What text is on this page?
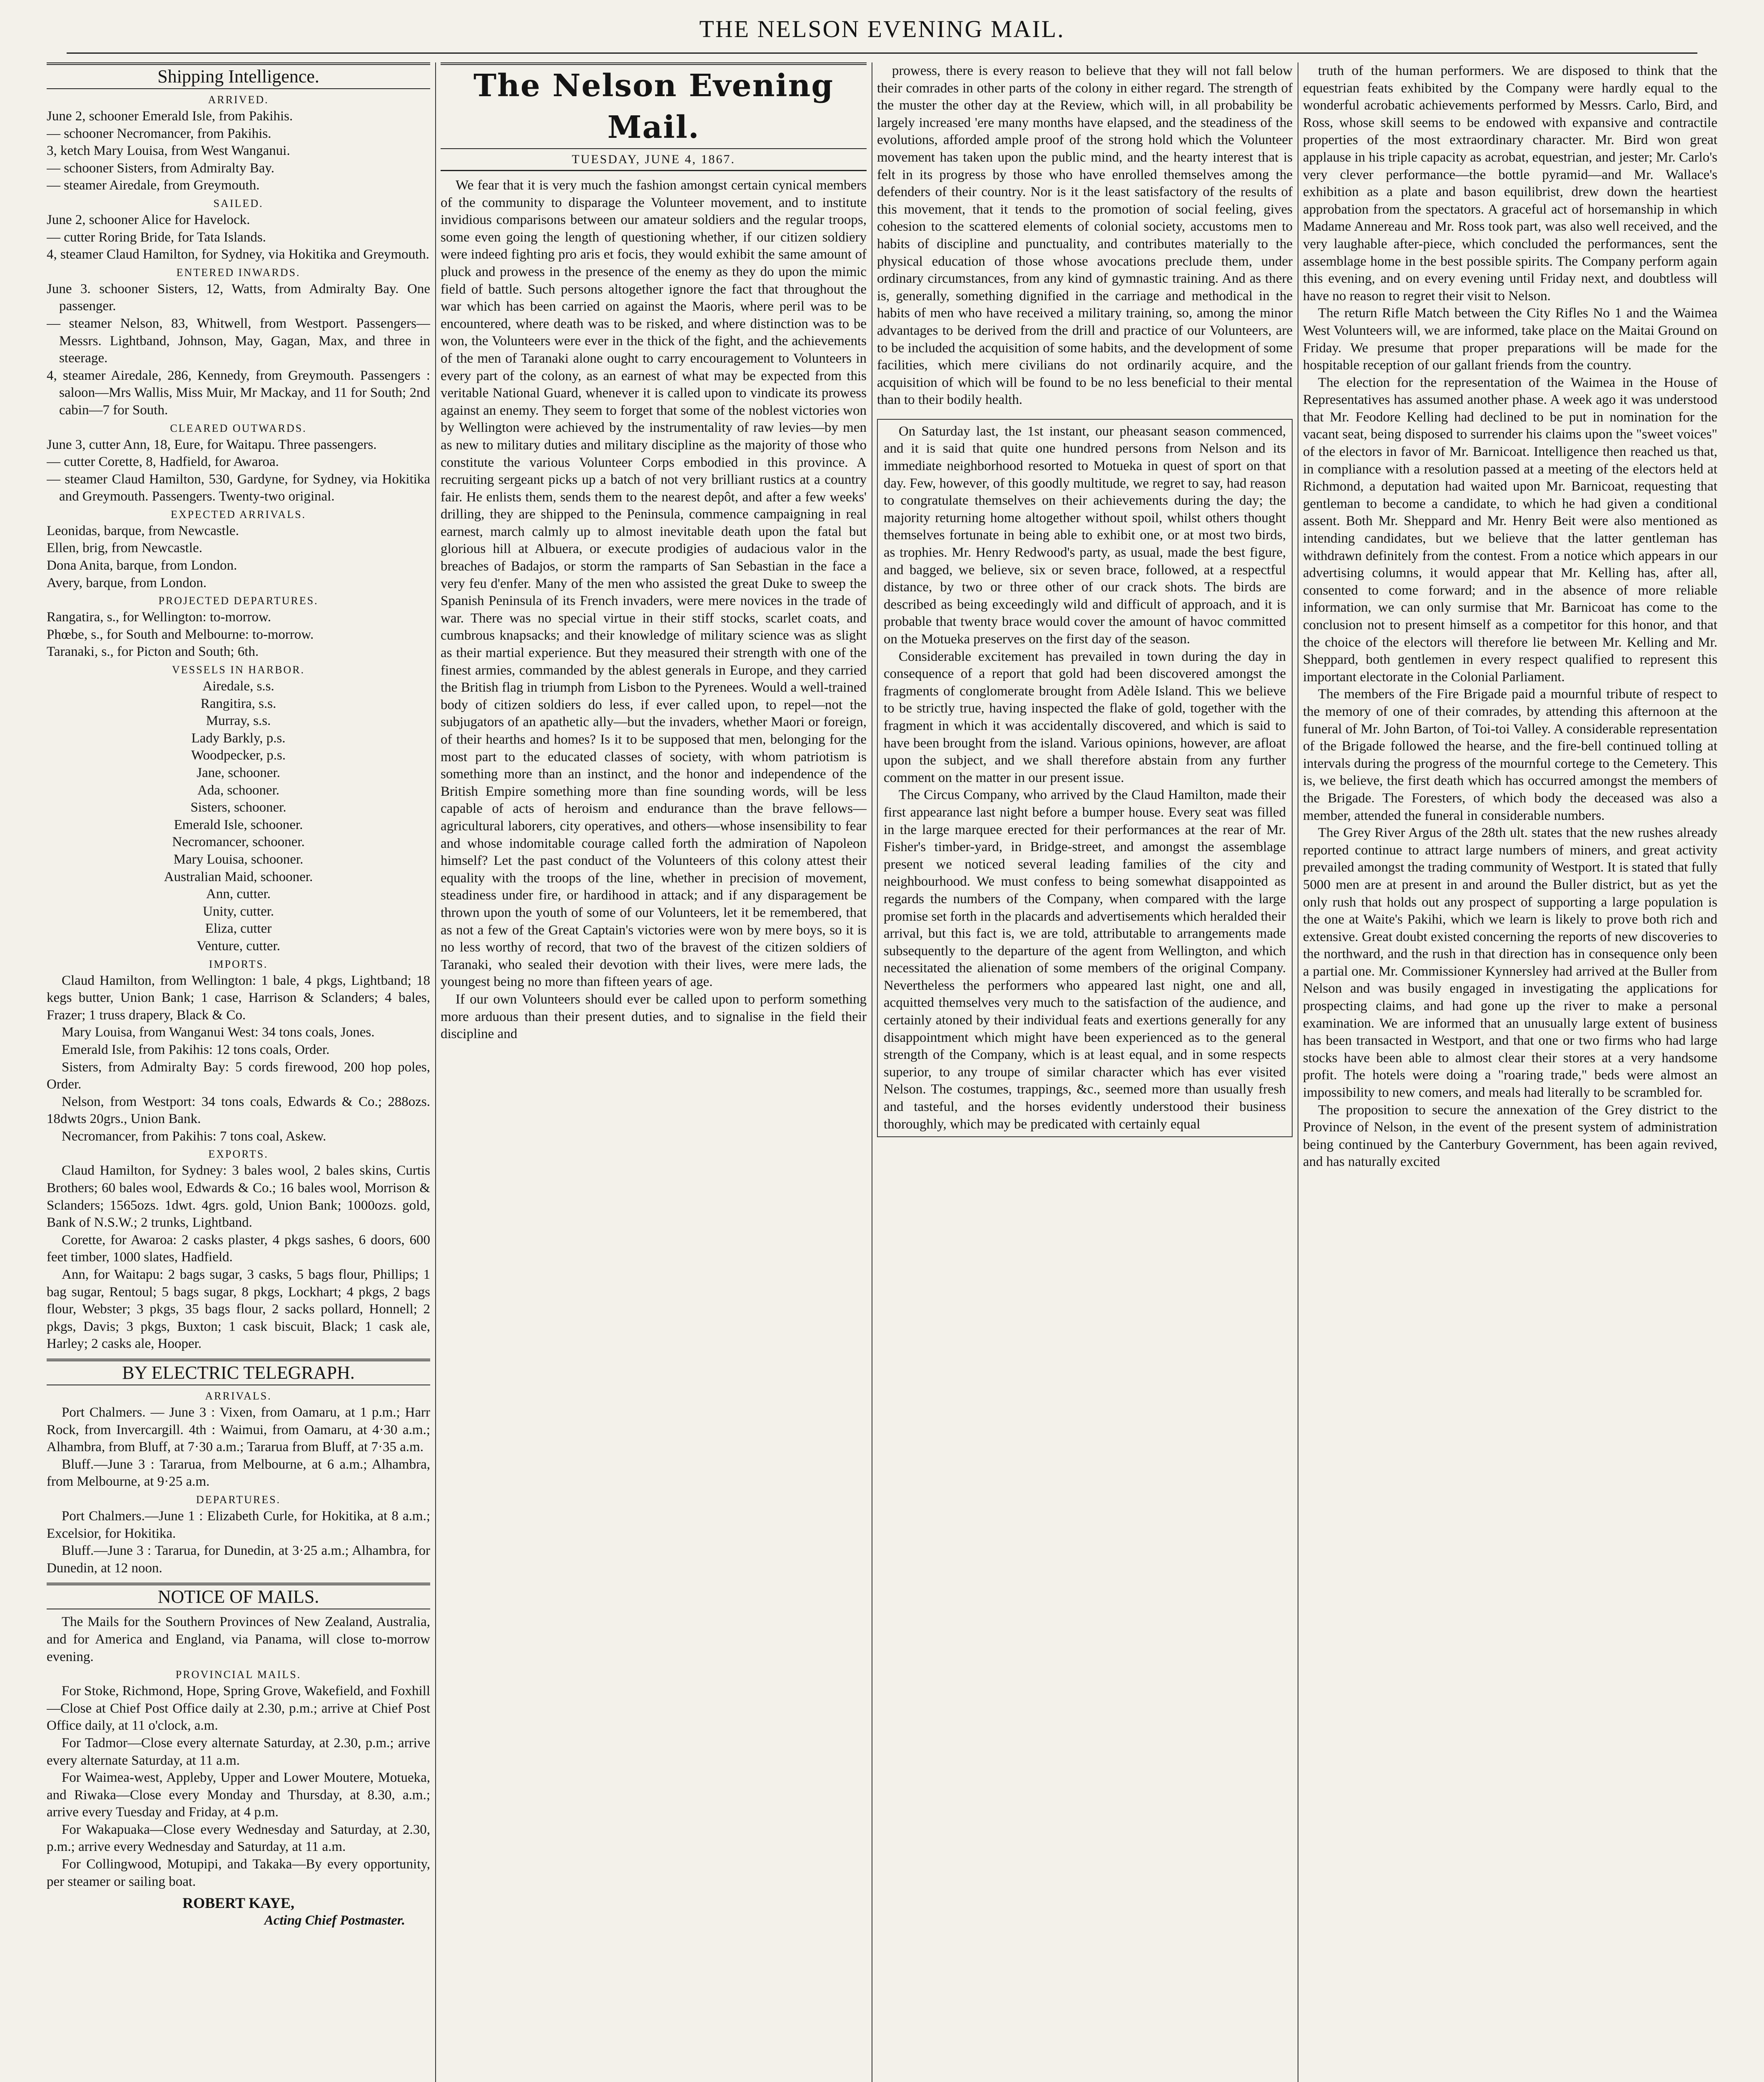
THE NELSON EVENING MAIL.
Shipping Intelligence.
ARRIVED.

June 2, schooner Emerald Isle, from Pakihis.

— schooner Necromancer, from Pakihis.

3, ketch Mary Louisa, from West Wanganui.

— schooner Sisters, from Admiralty Bay.

— steamer Airedale, from Greymouth.

SAILED.

June 2, schooner Alice for Havelock.

— cutter Roring Bride, for Tata Islands.

4, steamer Claud Hamilton, for Sydney, via Hokitika and Greymouth.

ENTERED INWARDS.

June 3. schooner Sisters, 12, Watts, from Admiralty Bay. One passenger.

— steamer Nelson, 83, Whitwell, from Westport. Passengers—Messrs. Lightband, Johnson, May, Gagan, Max, and three in steerage.

4, steamer Airedale, 286, Kennedy, from Greymouth. Passengers : saloon—Mrs Wallis, Miss Muir, Mr Mackay, and 11 for South; 2nd cabin—7 for South.

CLEARED OUTWARDS.

June 3, cutter Ann, 18, Eure, for Waitapu. Three passengers.

— cutter Corette, 8, Hadfield, for Awaroa.

— steamer Claud Hamilton, 530, Gardyne, for Sydney, via Hokitika and Greymouth. Passengers. Twenty-two original.

EXPECTED ARRIVALS.

Leonidas, barque, from Newcastle.

Ellen, brig, from Newcastle.

Dona Anita, barque, from London.

Avery, barque, from London.

PROJECTED DEPARTURES.

Rangatira, s., for Wellington: to-morrow.

Phœbe, s., for South and Melbourne: to-morrow.

Taranaki, s., for Picton and South; 6th.

VESSELS IN HARBOR.

Airedale, s.s.

Rangitira, s.s.

Murray, s.s.

Lady Barkly, p.s.

Woodpecker, p.s.

Jane, schooner.

Ada, schooner.

Sisters, schooner.

Emerald Isle, schooner.

Necromancer, schooner.

Mary Louisa, schooner.

Australian Maid, schooner.

Ann, cutter.

Unity, cutter.

Eliza, cutter

Venture, cutter.

IMPORTS.

Claud Hamilton, from Wellington: 1 bale, 4 pkgs, Lightband; 18 kegs butter, Union Bank; 1 case, Harrison & Sclanders; 4 bales, Frazer; 1 truss drapery, Black & Co.

Mary Louisa, from Wanganui West: 34 tons coals, Jones.

Emerald Isle, from Pakihis: 12 tons coals, Order.

Sisters, from Admiralty Bay: 5 cords firewood, 200 hop poles, Order.

Nelson, from Westport: 34 tons coals, Edwards & Co.; 288ozs. 18dwts 20grs., Union Bank.

Necromancer, from Pakihis: 7 tons coal, Askew.

EXPORTS.

Claud Hamilton, for Sydney: 3 bales wool, 2 bales skins, Curtis Brothers; 60 bales wool, Edwards & Co.; 16 bales wool, Morrison & Sclanders; 1565ozs. 1dwt. 4grs. gold, Union Bank; 1000ozs. gold, Bank of N.S.W.; 2 trunks, Lightband.

Corette, for Awaroa: 2 casks plaster, 4 pkgs sashes, 6 doors, 600 feet timber, 1000 slates, Hadfield.

Ann, for Waitapu: 2 bags sugar, 3 casks, 5 bags flour, Phillips; 1 bag sugar, Rentoul; 5 bags sugar, 8 pkgs, Lockhart; 4 pkgs, 2 bags flour, Webster; 3 pkgs, 35 bags flour, 2 sacks pollard, Honnell; 2 pkgs, Davis; 3 pkgs, Buxton; 1 cask biscuit, Black; 1 cask ale, Harley; 2 casks ale, Hooper.

BY ELECTRIC TELEGRAPH.
ARRIVALS.

Port Chalmers. — June 3 : Vixen, from Oamaru, at 1 p.m.; Harr Rock, from Invercargill. 4th : Waimui, from Oamaru, at 4·30 a.m.; Alhambra, from Bluff, at 7·30 a.m.; Tararua from Bluff, at 7·35 a.m.

Bluff.—June 3 : Tararua, from Melbourne, at 6 a.m.; Alhambra, from Melbourne, at 9·25 a.m.

DEPARTURES.

Port Chalmers.—June 1 : Elizabeth Curle, for Hokitika, at 8 a.m.; Excelsior, for Hokitika.

Bluff.—June 3 : Tararua, for Dunedin, at 3·25 a.m.; Alhambra, for Dunedin, at 12 noon.

NOTICE OF MAILS.

The Mails for the Southern Provinces of New Zealand, Australia, and for America and England, via Panama, will close to-morrow evening.

PROVINCIAL MAILS.

For Stoke, Richmond, Hope, Spring Grove, Wakefield, and Foxhill—Close at Chief Post Office daily at 2.30, p.m.; arrive at Chief Post Office daily, at 11 o'clock, a.m.

For Tadmor—Close every alternate Saturday, at 2.30, p.m.; arrive every alternate Saturday, at 11 a.m.

For Waimea-west, Appleby, Upper and Lower Moutere, Motueka, and Riwaka—Close every Monday and Thursday, at 8.30, a.m.; arrive every Tuesday and Friday, at 4 p.m.

For Wakapuaka—Close every Wednesday and Saturday, at 2.30, p.m.; arrive every Wednesday and Saturday, at 11 a.m.

For Collingwood, Motupipi, and Takaka—By every opportunity, per steamer or sailing boat.

ROBERT KAYE,

Acting Chief Postmaster.

The Nelson Evening Mail.
TUESDAY, JUNE 4, 1867.

We fear that it is very much the fashion amongst certain cynical members of the community to disparage the Volunteer movement, and to institute invidious comparisons between our amateur soldiers and the regular troops, some even going the length of questioning whether, if our citizen soldiery were indeed fighting pro aris et focis, they would exhibit the same amount of pluck and prowess in the presence of the enemy as they do upon the mimic field of battle. Such persons altogether ignore the fact that throughout the war which has been carried on against the Maoris, where peril was to be encountered, where death was to be risked, and where distinction was to be won, the Volunteers were ever in the thick of the fight, and the achievements of the men of Taranaki alone ought to carry encouragement to Volunteers in every part of the colony, as an earnest of what may be expected from this veritable National Guard, whenever it is called upon to vindicate its prowess against an enemy. They seem to forget that some of the noblest victories won by Wellington were achieved by the instrumentality of raw levies—by men as new to military duties and military discipline as the majority of those who constitute the various Volunteer Corps embodied in this province. A recruiting sergeant picks up a batch of not very brilliant rustics at a country fair. He enlists them, sends them to the nearest depôt, and after a few weeks' drilling, they are shipped to the Peninsula, commence campaigning in real earnest, march calmly up to almost inevitable death upon the fatal but glorious hill at Albuera, or execute prodigies of audacious valor in the breaches of Badajos, or storm the ramparts of San Sebastian in the face a very feu d'enfer. Many of the men who assisted the great Duke to sweep the Spanish Peninsula of its French invaders, were mere novices in the trade of war. There was no special virtue in their stiff stocks, scarlet coats, and cumbrous knapsacks; and their knowledge of military science was as slight as their martial experience. But they measured their strength with one of the finest armies, commanded by the ablest generals in Europe, and they carried the British flag in triumph from Lisbon to the Pyrenees. Would a well-trained body of citizen soldiers do less, if ever called upon, to repel—not the subjugators of an apathetic ally—but the invaders, whether Maori or foreign, of their hearths and homes? Is it to be supposed that men, belonging for the most part to the educated classes of society, with whom patriotism is something more than an instinct, and the honor and independence of the British Empire something more than fine sounding words, will be less capable of acts of heroism and endurance than the brave fellows—agricultural laborers, city operatives, and others—whose insensibility to fear and whose indomitable courage called forth the admiration of Napoleon himself? Let the past conduct of the Volunteers of this colony attest their equality with the troops of the line, whether in precision of movement, steadiness under fire, or hardihood in attack; and if any disparagement be thrown upon the youth of some of our Volunteers, let it be remembered, that as not a few of the Great Captain's victories were won by mere boys, so it is no less worthy of record, that two of the bravest of the citizen soldiers of Taranaki, who sealed their devotion with their lives, were mere lads, the youngest being no more than fifteen years of age.

If our own Volunteers should ever be called upon to perform something more arduous than their present duties, and to signalise in the field their discipline and

prowess, there is every reason to believe that they will not fall below their comrades in other parts of the colony in either regard. The strength of the muster the other day at the Review, which will, in all probability be largely increased 'ere many months have elapsed, and the steadiness of the evolutions, afforded ample proof of the strong hold which the Volunteer movement has taken upon the public mind, and the hearty interest that is felt in its progress by those who have enrolled themselves among the defenders of their country. Nor is it the least satisfactory of the results of this movement, that it tends to the promotion of social feeling, gives cohesion to the scattered elements of colonial society, accustoms men to habits of discipline and punctuality, and contributes materially to the physical education of those whose avocations preclude them, under ordinary circumstances, from any kind of gymnastic training. And as there is, generally, something dignified in the carriage and methodical in the habits of men who have received a military training, so, among the minor advantages to be derived from the drill and practice of our Volunteers, are to be included the acquisition of some habits, and the development of some facilities, which mere civilians do not ordinarily acquire, and the acquisition of which will be found to be no less beneficial to their mental than to their bodily health.

On Saturday last, the 1st instant, our pheasant season commenced, and it is said that quite one hundred persons from Nelson and its immediate neighborhood resorted to Motueka in quest of sport on that day. Few, however, of this goodly multitude, we regret to say, had reason to congratulate themselves on their achievements during the day; the majority returning home altogether without spoil, whilst others thought themselves fortunate in being able to exhibit one, or at most two birds, as trophies. Mr. Henry Redwood's party, as usual, made the best figure, and bagged, we believe, six or seven brace, followed, at a respectful distance, by two or three other of our crack shots. The birds are described as being exceedingly wild and difficult of approach, and it is probable that twenty brace would cover the amount of havoc committed on the Motueka preserves on the first day of the season.

Considerable excitement has prevailed in town during the day in consequence of a report that gold had been discovered amongst the fragments of conglomerate brought from Adèle Island. This we believe to be strictly true, having inspected the flake of gold, together with the fragment in which it was accidentally discovered, and which is said to have been brought from the island. Various opinions, however, are afloat upon the subject, and we shall therefore abstain from any further comment on the matter in our present issue.

The Circus Company, who arrived by the Claud Hamilton, made their first appearance last night before a bumper house. Every seat was filled in the large marquee erected for their performances at the rear of Mr. Fisher's timber-yard, in Bridge-street, and amongst the assemblage present we noticed several leading families of the city and neighbourhood. We must confess to being somewhat disappointed as regards the numbers of the Company, when compared with the large promise set forth in the placards and advertisements which heralded their arrival, but this fact is, we are told, attributable to arrangements made subsequently to the departure of the agent from Wellington, and which necessitated the alienation of some members of the original Company. Nevertheless the performers who appeared last night, one and all, acquitted themselves very much to the satisfaction of the audience, and certainly atoned by their individual feats and exertions generally for any disappointment which might have been experienced as to the general strength of the Company, which is at least equal, and in some respects superior, to any troupe of similar character which has ever visited Nelson. The costumes, trappings, &c., seemed more than usually fresh and tasteful, and the horses evidently understood their business thoroughly, which may be predicated with certainly equal

truth of the human performers. We are disposed to think that the equestrian feats exhibited by the Company were hardly equal to the wonderful acrobatic achievements performed by Messrs. Carlo, Bird, and Ross, whose skill seems to be endowed with expansive and contractile properties of the most extraordinary character. Mr. Bird won great applause in his triple capacity as acrobat, equestrian, and jester; Mr. Carlo's very clever performance—the bottle pyramid—and Mr. Wallace's exhibition as a plate and bason equilibrist, drew down the heartiest approbation from the spectators. A graceful act of horsemanship in which Madame Annereau and Mr. Ross took part, was also well received, and the very laughable after-piece, which concluded the performances, sent the assemblage home in the best possible spirits. The Company perform again this evening, and on every evening until Friday next, and doubtless will have no reason to regret their visit to Nelson.

The return Rifle Match between the City Rifles No 1 and the Waimea West Volunteers will, we are informed, take place on the Maitai Ground on Friday. We presume that proper preparations will be made for the hospitable reception of our gallant friends from the country.

The election for the representation of the Waimea in the House of Representatives has assumed another phase. A week ago it was understood that Mr. Feodore Kelling had declined to be put in nomination for the vacant seat, being disposed to surrender his claims upon the "sweet voices" of the electors in favor of Mr. Barnicoat. Intelligence then reached us that, in compliance with a resolution passed at a meeting of the electors held at Richmond, a deputation had waited upon Mr. Barnicoat, requesting that gentleman to become a candidate, to which he had given a conditional assent. Both Mr. Sheppard and Mr. Henry Beit were also mentioned as intending candidates, but we believe that the latter gentleman has withdrawn definitely from the contest. From a notice which appears in our advertising columns, it would appear that Mr. Kelling has, after all, consented to come forward; and in the absence of more reliable information, we can only surmise that Mr. Barnicoat has come to the conclusion not to present himself as a competitor for this honor, and that the choice of the electors will therefore lie between Mr. Kelling and Mr. Sheppard, both gentlemen in every respect qualified to represent this important electorate in the Colonial Parliament.

The members of the Fire Brigade paid a mournful tribute of respect to the memory of one of their comrades, by attending this afternoon at the funeral of Mr. John Barton, of Toi-toi Valley. A considerable representation of the Brigade followed the hearse, and the fire-bell continued tolling at intervals during the progress of the mournful cortege to the Cemetery. This is, we believe, the first death which has occurred amongst the members of the Brigade. The Foresters, of which body the deceased was also a member, attended the funeral in considerable numbers.

The Grey River Argus of the 28th ult. states that the new rushes already reported continue to attract large numbers of miners, and great activity prevailed amongst the trading community of Westport. It is stated that fully 5000 men are at present in and around the Buller district, but as yet the only rush that holds out any prospect of supporting a large population is the one at Waite's Pakihi, which we learn is likely to prove both rich and extensive. Great doubt existed concerning the reports of new discoveries to the northward, and the rush in that direction has in consequence only been a partial one. Mr. Commissioner Kynnersley had arrived at the Buller from Nelson and was busily engaged in investigating the applications for prospecting claims, and had gone up the river to make a personal examination. We are informed that an unusually large extent of business has been transacted in Westport, and that one or two firms who had large stocks have been able to almost clear their stores at a very handsome profit. The hotels were doing a "roaring trade," beds were almost an impossibility to new comers, and meals had literally to be scrambled for.

The proposition to secure the annexation of the Grey district to the Province of Nelson, in the event of the present system of administration being continued by the Canterbury Government, has been again revived, and has naturally excited
